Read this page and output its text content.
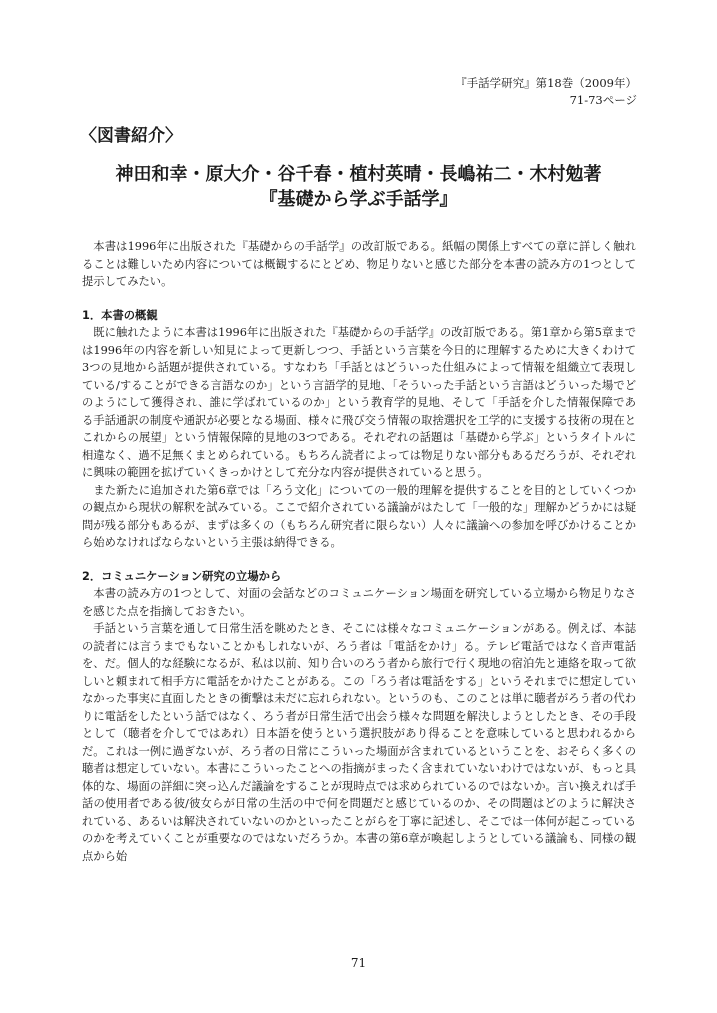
『手話学研究』第18巻（2009年）
71-73ページ
〈図書紹介〉
神田和幸・原大介・谷千春・植村英晴・長嶋祐二・木村勉著
『基礎から学ぶ手話学』

本書は1996年に出版された『基礎からの手話学』の改訂版である。紙幅の関係上すべての章に詳しく触れることは難しいため内容については概観するにとどめ、物足りないと感じた部分を本書の読み方の1つとして提示してみたい。

1．本書の概観

既に触れたように本書は1996年に出版された『基礎からの手話学』の改訂版である。第1章から第5章までは1996年の内容を新しい知見によって更新しつつ、手話という言葉を今日的に理解するために大きくわけて3つの見地から話題が提供されている。すなわち「手話とはどういった仕組みによって情報を組織立て表現している/することができる言語なのか」という言語学的見地、「そういった手話という言語はどういった場でどのようにして獲得され、誰に学ばれているのか」という教育学的見地、そして「手話を介した情報保障である手話通訳の制度や通訳が必要となる場面、様々に飛び交う情報の取捨選択を工学的に支援する技術の現在とこれからの展望」という情報保障的見地の3つである。それぞれの話題は「基礎から学ぶ」というタイトルに相違なく、過不足無くまとめられている。もちろん読者によっては物足りない部分もあるだろうが、それぞれに興味の範囲を拡げていくきっかけとして充分な内容が提供されていると思う。

また新たに追加された第6章では「ろう文化」についての一般的理解を提供することを目的としていくつかの観点から現状の解釈を試みている。ここで紹介されている議論がはたして「一般的な」理解かどうかには疑問が残る部分もあるが、まずは多くの（もちろん研究者に限らない）人々に議論への参加を呼びかけることから始めなければならないという主張は納得できる。

2．コミュニケーション研究の立場から

本書の読み方の1つとして、対面の会話などのコミュニケーション場面を研究している立場から物足りなさを感じた点を指摘しておきたい。

手話という言葉を通して日常生活を眺めたとき、そこには様々なコミュニケーションがある。例えば、本誌の読者には言うまでもないことかもしれないが、ろう者は「電話をかけ」る。テレビ電話ではなく音声電話を、だ。個人的な経験になるが、私は以前、知り合いのろう者から旅行で行く現地の宿泊先と連絡を取って欲しいと頼まれて相手方に電話をかけたことがある。この「ろう者は電話をする」というそれまでに想定していなかった事実に直面したときの衝撃は未だに忘れられない。というのも、このことは単に聴者がろう者の代わりに電話をしたという話ではなく、ろう者が日常生活で出会う様々な問題を解決しようとしたとき、その手段として（聴者を介してではあれ）日本語を使うという選択肢があり得ることを意味していると思われるからだ。これは一例に過ぎないが、ろう者の日常にこういった場面が含まれているということを、おそらく多くの聴者は想定していない。本書にこういったことへの指摘がまったく含まれていないわけではないが、もっと具体的な、場面の詳細に突っ込んだ議論をすることが現時点では求められているのではないか。言い換えれば手話の使用者である彼/彼女らが日常の生活の中で何を問題だと感じているのか、その問題はどのように解決されている、あるいは解決されていないのかといったことがらを丁寧に記述し、そこでは一体何が起こっているのかを考えていくことが重要なのではないだろうか。本書の第6章が喚起しようとしている議論も、同様の観点から始

71
